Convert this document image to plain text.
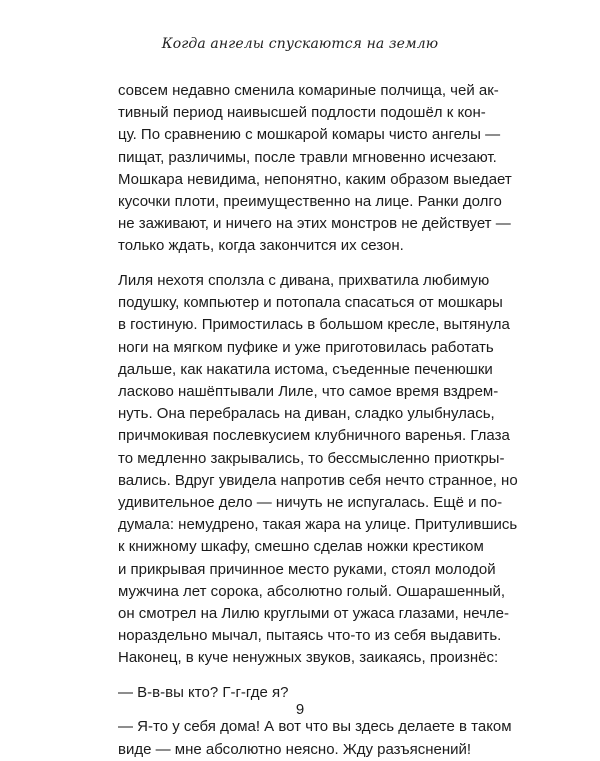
Когда ангелы спускаются на землю

совсем недавно сменила комариные полчища, чей ак-
тивный период наивысшей подлости подошёл к кон-
цу. По сравнению с мошкарой комары чисто ангелы —
пищат, различимы, после травли мгновенно исчезают.
Мошкара невидима, непонятно, каким образом выедает
кусочки плоти, преимущественно на лице. Ранки долго
не заживают, и ничего на этих монстров не действует —
только ждать, когда закончится их сезон.

Лиля нехотя сползла с дивана, прихватила любимую
подушку, компьютер и потопала спасаться от мошкары
в гостиную. Примостилась в большом кресле, вытянула
ноги на мягком пуфике и уже приготовилась работать
дальше, как накатила истома, съеденные печенюшки
ласково нашёптывали Лиле, что самое время вздрем-
нуть. Она перебралась на диван, сладко улыбнулась,
причмокивая послевкусием клубничного варенья. Глаза
то медленно закрывались, то бессмысленно приоткры-
вались. Вдруг увидела напротив себя нечто странное, но
удивительное дело — ничуть не испугалась. Ещё и по-
думала: немудрено, такая жара на улице. Притулившись
к книжному шкафу, смешно сделав ножки крестиком
и прикрывая причинное место руками, стоял молодой
мужчина лет сорока, абсолютно голый. Ошарашенный,
он смотрел на Лилю круглыми от ужаса глазами, нечле-
нораздельно мычал, пытаясь что-то из себя выдавить.
Наконец, в куче ненужных звуков, заикаясь, произнёс:

— В-в-вы кто? Г-г-где я?

— Я-то у себя дома! А вот что вы здесь делаете в таком
виде — мне абсолютно неясно. Жду разъяснений!

9
